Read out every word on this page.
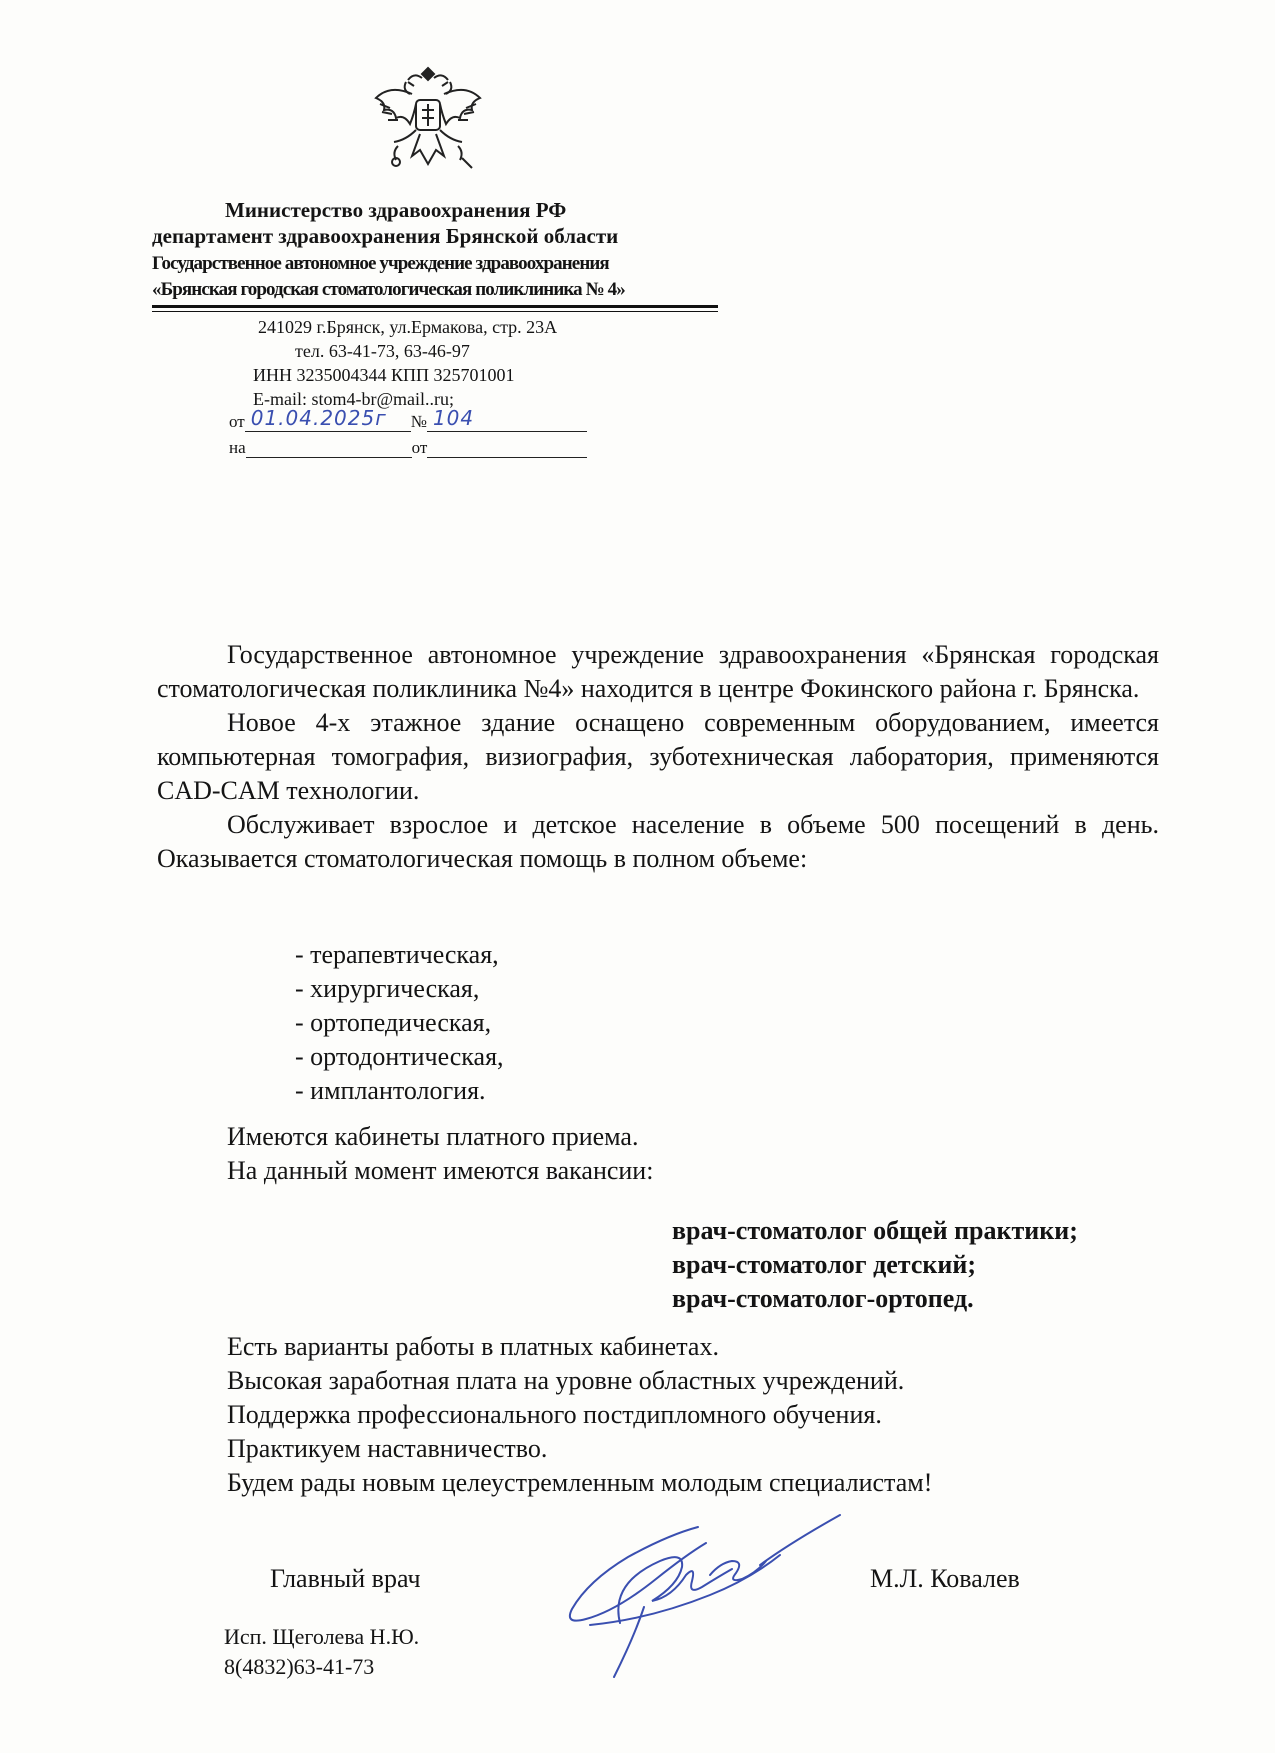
Министерство здравоохранения РФ
департамент здравоохранения Брянской области
Государственное автономное учреждение здравоохранения
«Брянская городская стоматологическая поликлиника № 4»
241029 г.Брянск, ул.Ермакова, стр. 23А
тел. 63-41-73, 63-46-97
ИНН 3235004344 КПП 325701001
E-mail: stom4-br@mail..ru;
от 01.04.2025г № 104
на	от

Государственное автономное учреждение здравоохранения «Брянская городская стоматологическая поликлиника №4» находится в центре Фокинского района г. Брянска.

Новое 4-х этажное здание оснащено современным оборудованием, имеется компьютерная томография, визиография, зуботехническая лаборатория, применяются CAD-CAM технологии.

Обслуживает взрослое и детское население в объеме 500 посещений в день. Оказывается стоматологическая помощь в полном объеме:

- терапевтическая,
- хирургическая,
- ортопедическая,
- ортодонтическая,
- имплантология.
Имеются кабинеты платного приема.
На данный момент имеются вакансии:
врач-стоматолог общей практики;
врач-стоматолог детский;
врач-стоматолог-ортопед.
Есть варианты работы в платных кабинетах.
Высокая заработная плата на уровне областных учреждений.
Поддержка профессионального постдипломного обучения.
Практикуем наставничество.
Будем рады новым целеустремленным молодым специалистам!
Главный врач	М.Л. Ковалев
Исп. Щеголева Н.Ю.
8(4832)63-41-73
